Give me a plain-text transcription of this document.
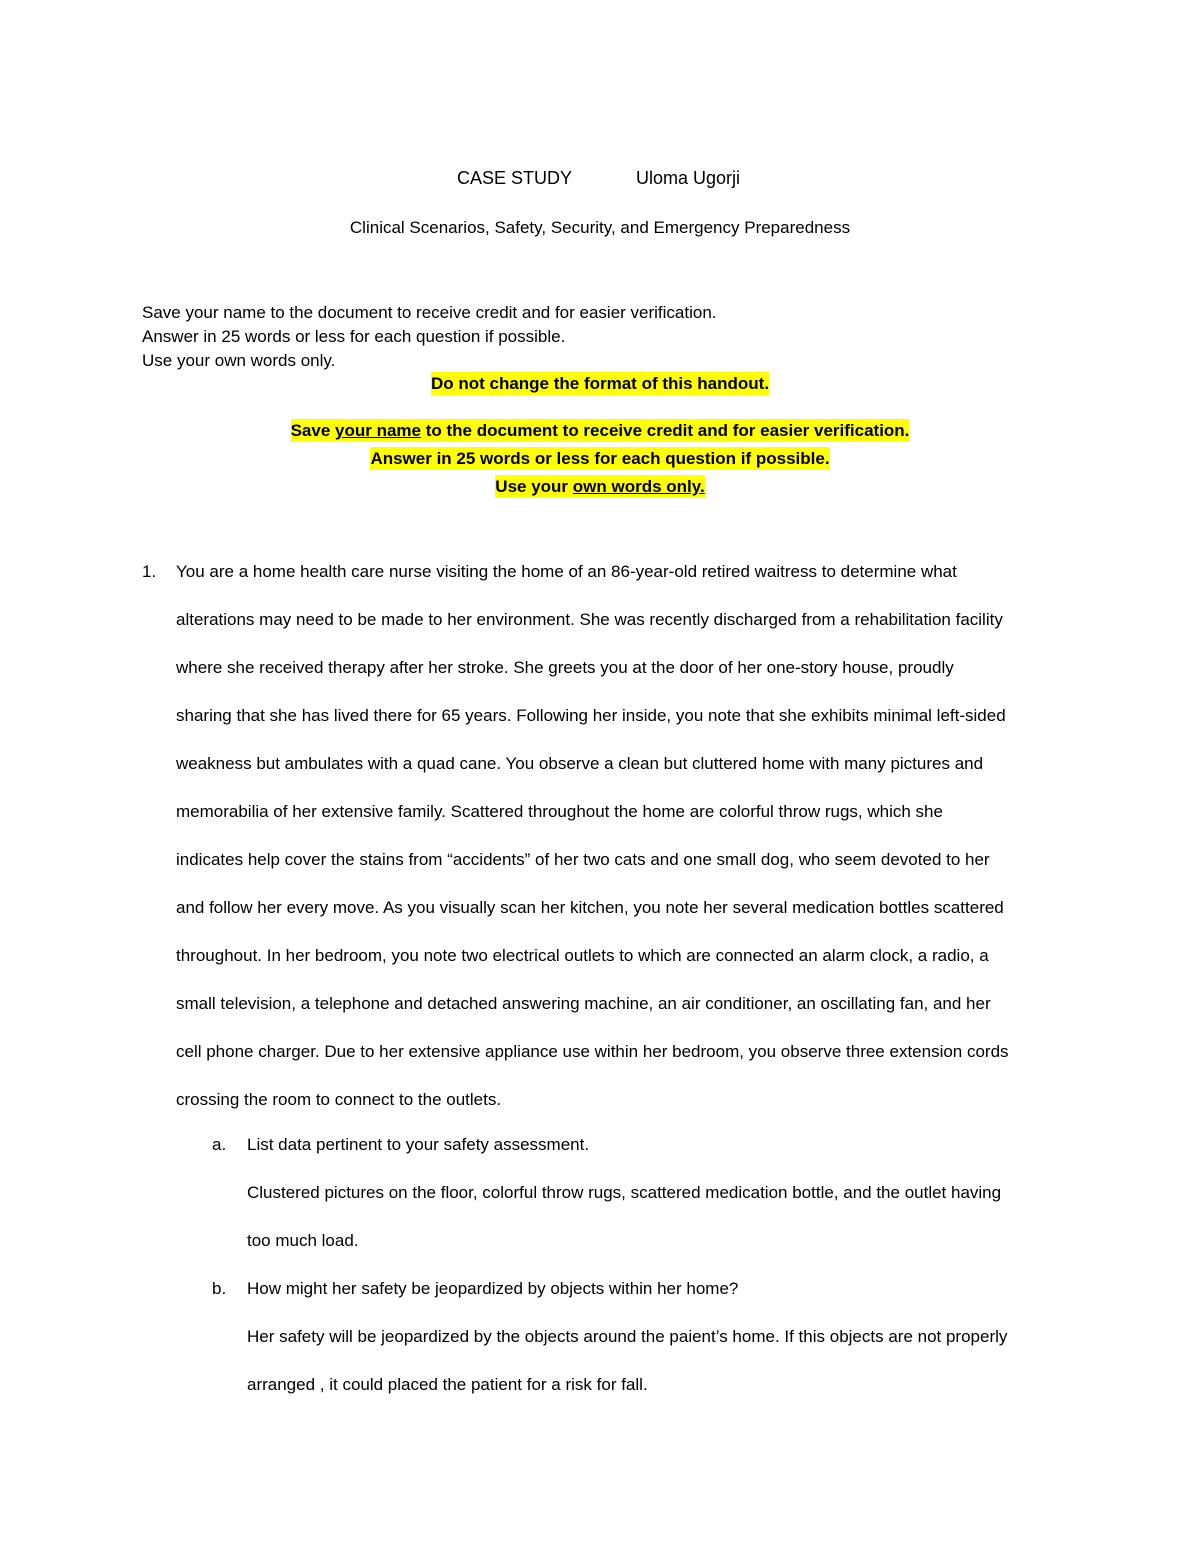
CASE STUDY	Uloma Ugorji
Clinical Scenarios, Safety, Security, and Emergency Preparedness
Save your name to the document to receive credit and for easier verification.
Answer in 25 words or less for each question if possible.
Use your own words only.
Do not change the format of this handout.
Save your name to the document to receive credit and for easier verification.
Answer in 25 words or less for each question if possible.
Use your own words only.
1. You are a home health care nurse visiting the home of an 86-year-old retired waitress to determine what
alterations may need to be made to her environment. She was recently discharged from a rehabilitation facility
where she received therapy after her stroke. She greets you at the door of her one-story house, proudly
sharing that she has lived there for 65 years. Following her inside, you note that she exhibits minimal left-sided
weakness but ambulates with a quad cane. You observe a clean but cluttered home with many pictures and
memorabilia of her extensive family. Scattered throughout the home are colorful throw rugs, which she
indicates help cover the stains from “accidents” of her two cats and one small dog, who seem devoted to her
and follow her every move. As you visually scan her kitchen, you note her several medication bottles scattered
throughout. In her bedroom, you note two electrical outlets to which are connected an alarm clock, a radio, a
small television, a telephone and detached answering machine, an air conditioner, an oscillating fan, and her
cell phone charger. Due to her extensive appliance use within her bedroom, you observe three extension cords
crossing the room to connect to the outlets.
a. List data pertinent to your safety assessment.
Clustered pictures on the floor, colorful throw rugs, scattered medication bottle, and the outlet having
too much load.
b. How might her safety be jeopardized by objects within her home?
Her safety will be jeopardized by the objects around the paient’s home. If this objects are not properly
arranged , it could placed the patient for a risk for fall.
